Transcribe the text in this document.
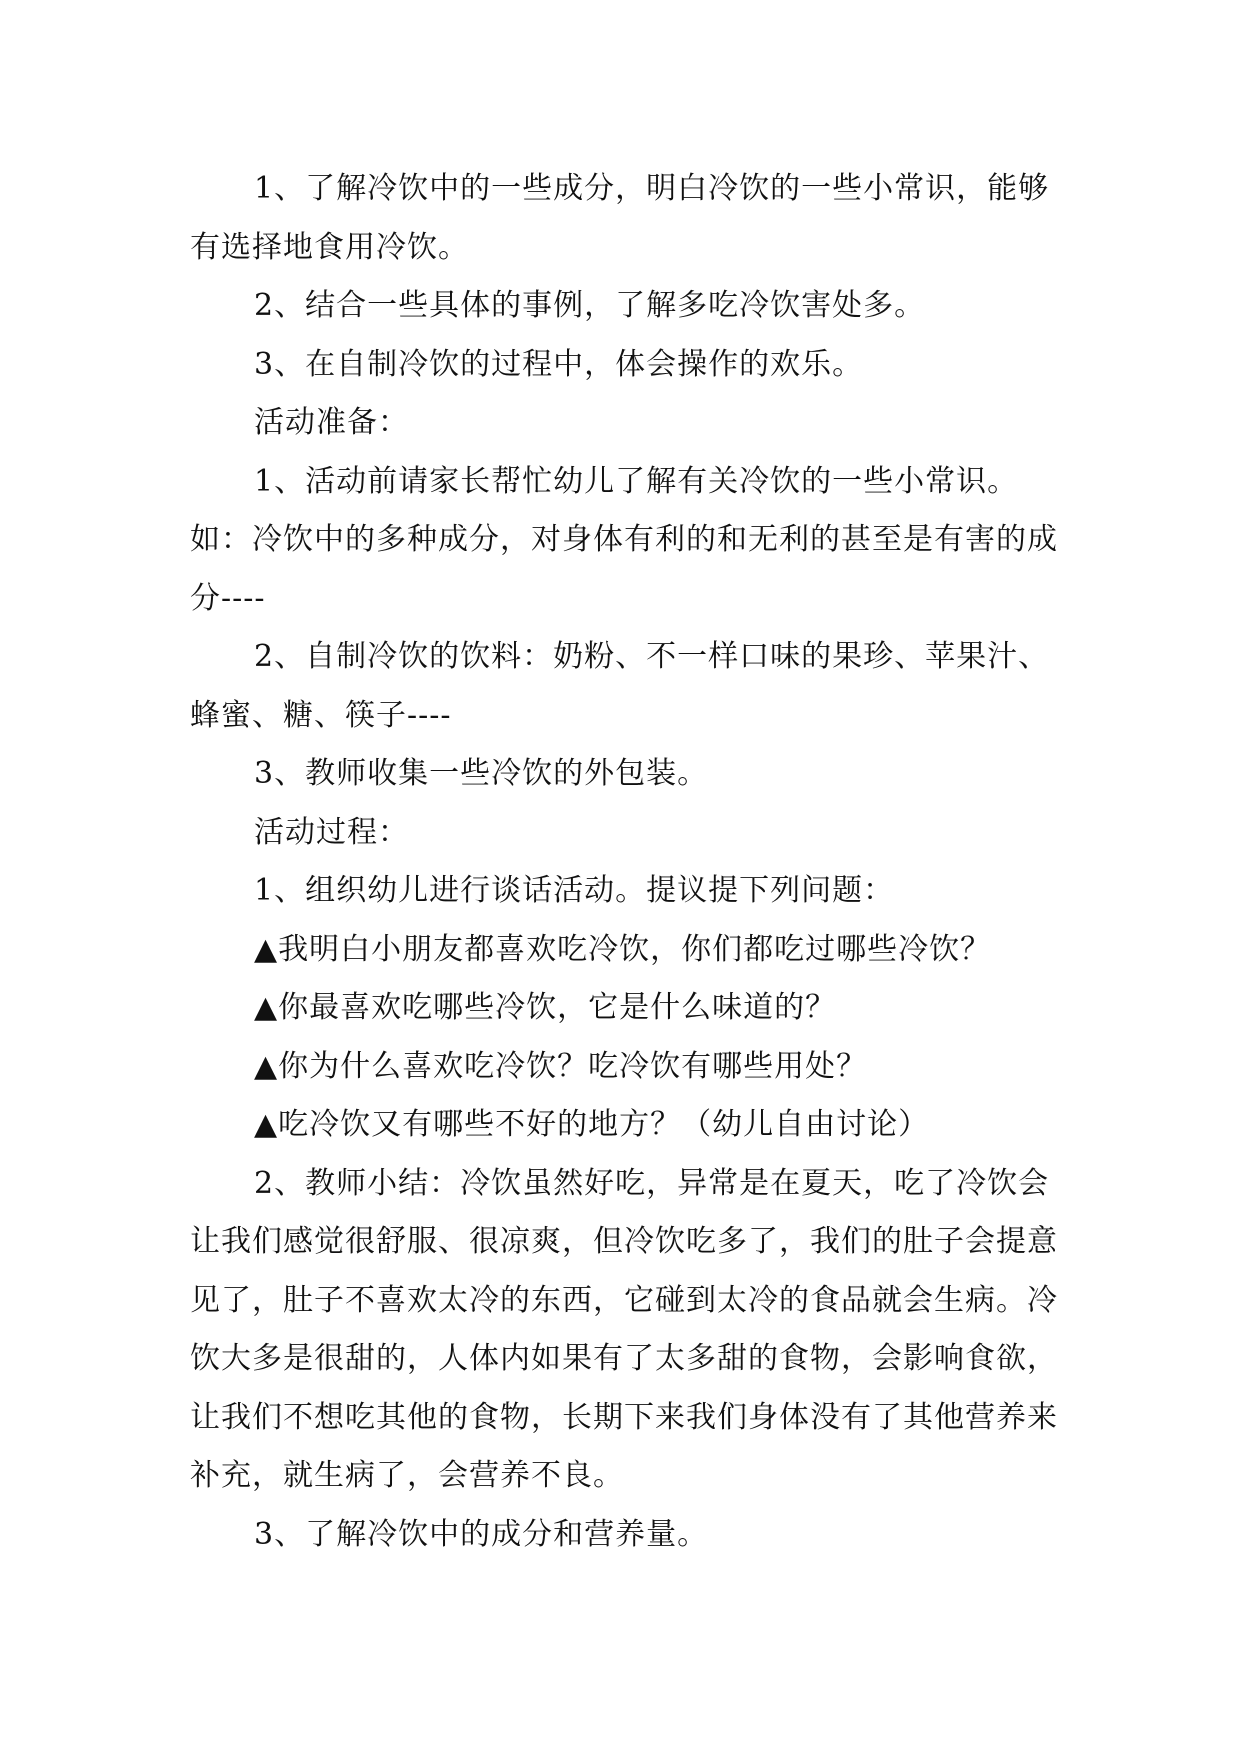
1、了解冷饮中的一些成分，明白冷饮的一些小常识，能够有选择地食用冷饮。

2、结合一些具体的事例，了解多吃冷饮害处多。

3、在自制冷饮的过程中，体会操作的欢乐。

活动准备：

1、活动前请家长帮忙幼儿了解有关冷饮的一些小常识。如：冷饮中的多种成分，对身体有利的和无利的甚至是有害的成分----

2、自制冷饮的饮料：奶粉、不一样口味的果珍、苹果汁、蜂蜜、糖、筷子----

3、教师收集一些冷饮的外包装。

活动过程：

1、组织幼儿进行谈话活动。提议提下列问题：

▲我明白小朋友都喜欢吃冷饮，你们都吃过哪些冷饮？

▲你最喜欢吃哪些冷饮，它是什么味道的？

▲你为什么喜欢吃冷饮？吃冷饮有哪些用处？

▲吃冷饮又有哪些不好的地方？（幼儿自由讨论）

2、教师小结：冷饮虽然好吃，异常是在夏天，吃了冷饮会让我们感觉很舒服、很凉爽，但冷饮吃多了，我们的肚子会提意见了，肚子不喜欢太冷的东西，它碰到太冷的食品就会生病。冷饮大多是很甜的，人体内如果有了太多甜的食物，会影响食欲，让我们不想吃其他的食物，长期下来我们身体没有了其他营养来补充，就生病了，会营养不良。

3、了解冷饮中的成分和营养量。
